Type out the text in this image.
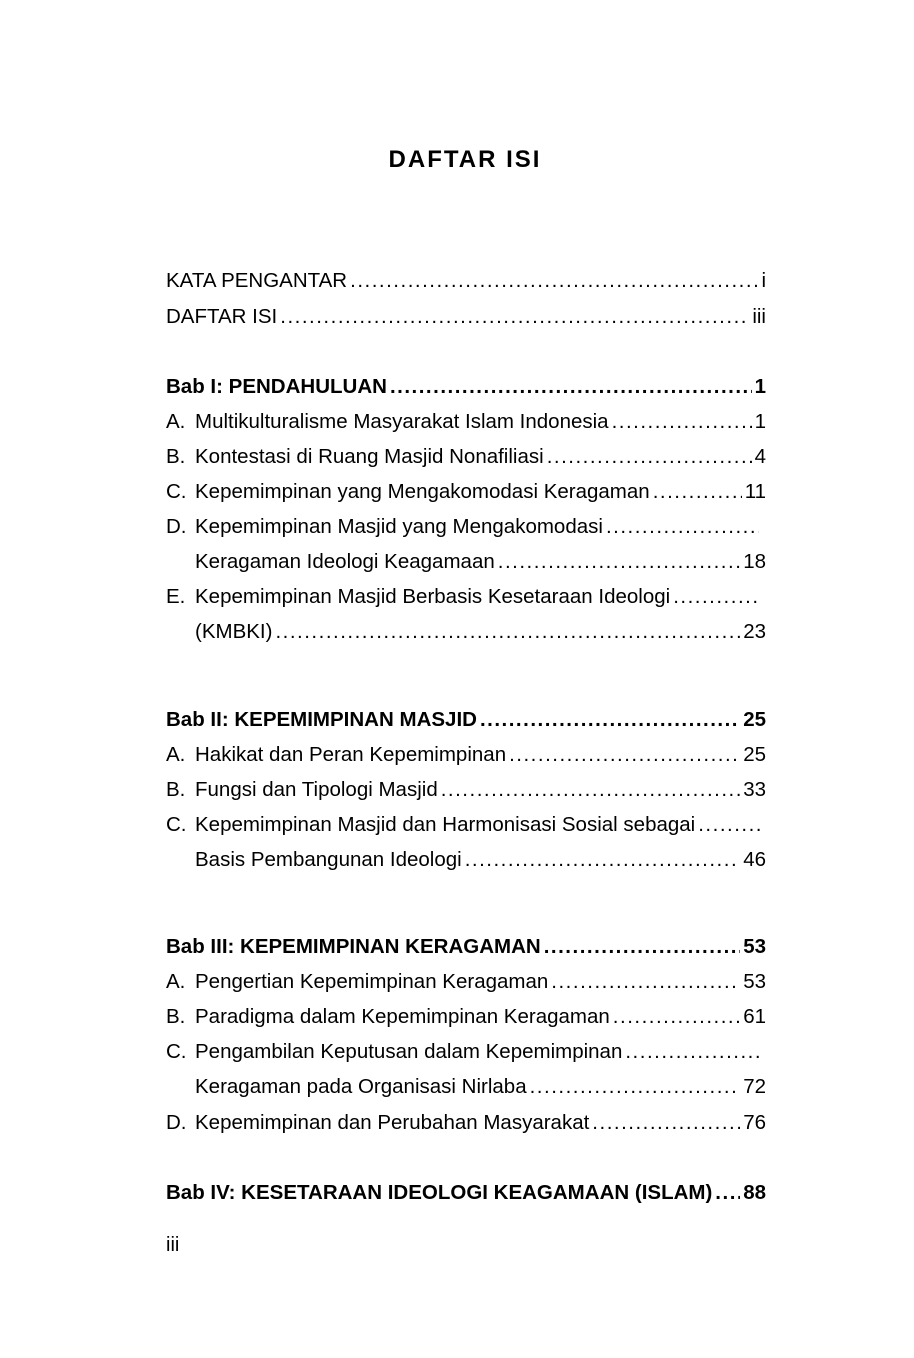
DAFTAR ISI
KATA PENGANTAR .....	i
DAFTAR ISI .....	iii
Bab I: PENDAHULUAN .....	1
A. Multikulturalisme Masyarakat Islam Indonesia .....	1
B. Kontestasi di Ruang Masjid Nonafiliasi .....	4
C. Kepemimpinan yang Mengakomodasi Keragaman .....	11
D. Kepemimpinan Masjid yang Mengakomodasi
.....
Keragaman Ideologi Keagamaan .....	18
E. Kepemimpinan Masjid Berbasis Kesetaraan Ideologi
.....
(KMBKI) .....	23
Bab II: KEPEMIMPINAN MASJID .....	25
A. Hakikat dan Peran Kepemimpinan .....	25
B. Fungsi dan Tipologi Masjid .....	33
C. Kepemimpinan Masjid dan Harmonisasi Sosial sebagai
.....
Basis Pembangunan Ideologi .....	46
Bab III: KEPEMIMPINAN KERAGAMAN .....	53
A. Pengertian Kepemimpinan Keragaman .....	53
B. Paradigma dalam Kepemimpinan Keragaman .....	61
C. Pengambilan Keputusan dalam Kepemimpinan
.....
Keragaman pada Organisasi Nirlaba .....	72
D. Kepemimpinan dan Perubahan Masyarakat .....	76
Bab IV: KESETARAAN IDEOLOGI KEAGAMAAN (ISLAM) ..... 88
iii
